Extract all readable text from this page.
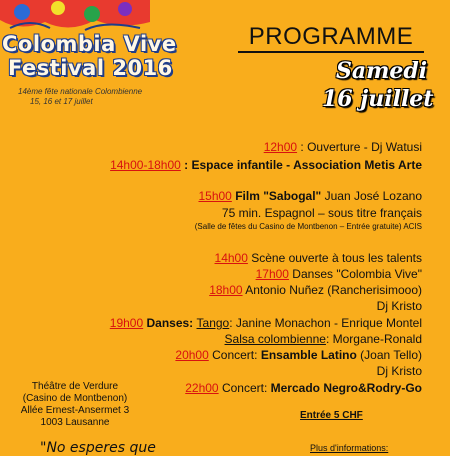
Colombia Vive
Festival 2016
14ème fête nationale Colombienne
15, 16 et 17 juillet
PROGRAMME
Samedi
16 juillet
12h00 : Ouverture - Dj Watusi
14h00-18h00 : Espace infantile - Association Metis Arte
15h00 Film "Sabogal" Juan José Lozano
75 min. Espagnol – sous titre français
(Salle de fêtes du Casino de Montbenon – Entrée gratuite) ACIS
14h00 Scène ouverte à tous les talents
17h00 Danses "Colombia Vive"
18h00 Antonio Nuñez (Rancherisimooo)
Dj Kristo
19h00 Danses: Tango: Janine Monachon - Enrique Montel
Salsa colombienne: Morgane-Ronald
20h00 Concert: Ensamble Latino (Joan Tello)
Dj Kristo
22h00 Concert: Mercado Negro&Rodry-Go
Théâtre de Verdure
(Casino de Montbenon)
Allée Ernest-Ansermet 3
1003 Lausanne
Entrée 5 CHF
"No esperes que	Plus d'informations:
